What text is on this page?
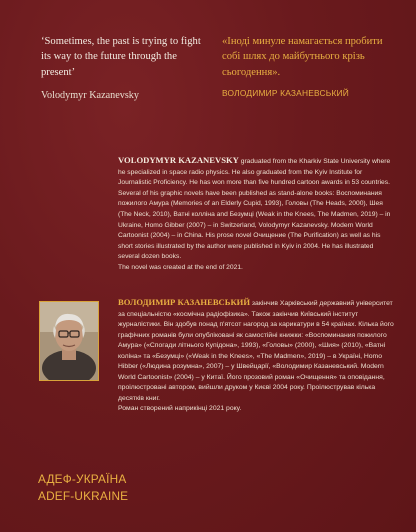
‘Sometimes, the past is trying to fight its way to the future through the present’
Volodymyr Kazanevsky
«Іноді минуле намагається пробити собі шлях до майбутнього крізь сьогодення».
ВОЛОДИМИР КАЗАНЕВСЬКИЙ
VOLODYMYR KAZANEVSKY graduated from the Kharkiv State University where he specialized in space radio physics. He also graduated from the Kyiv Institute for Journalistic Proficiency. He has won more than five hundred cartoon awards in 53 countries. Several of his graphic novels have been published as stand-alone books: Воспоминания пожилого Амура (Memories of an Elderly Cupid, 1993), Головы (The Heads, 2000), Шея (The Neck, 2010), Ватні колліна and Безумці (Weak in the Knees, The Madmen, 2019) – in Ukraine, Homo Gibber (2007) – in Switzerland, Volodymyr Kazanevsky. Modern World Cartoonist (2004) – in China. His prose novel Очищение (The Purification) as well as his short stories illustrated by the author were published in Kyiv in 2004. He has illustrated several dozen books.
The novel was created at the end of 2021.
ВОЛОДИМИР КАЗАНЕВСЬКИЙ закінчив Харківський державний університет за спеціальністю «космічна радіофізика». Також закінчив Київський інститут журналістики. Він здобув понад п'ятсот нагород за карикатури в 54 країнах. Кілька його графічних романів були опубліковані як самостійні книжки: «Воспоминания пожилого Амура» («Спогади літнього Купідона», 1993), «Головы» (2000), «Шия» (2010), «Ватні коліна» та «Безумці» («Weak in the Knees», «The Madmen», 2019) – в Україні, Homo Hibber («Людина розумна», 2007) – у Швейцарії, «Володимир Казаневський. Modern World Cartoonist» (2004) – у Китаї. Його прозовий роман «Очищення» та оповідання, проілюстровані автором, вийшли друком у Києві 2004 року. Проілюстрував кілька десятків книг.
Роман створений наприкінці 2021 року.
АДЕФ-УКРАЇНА
ADEF-UKRAINE
